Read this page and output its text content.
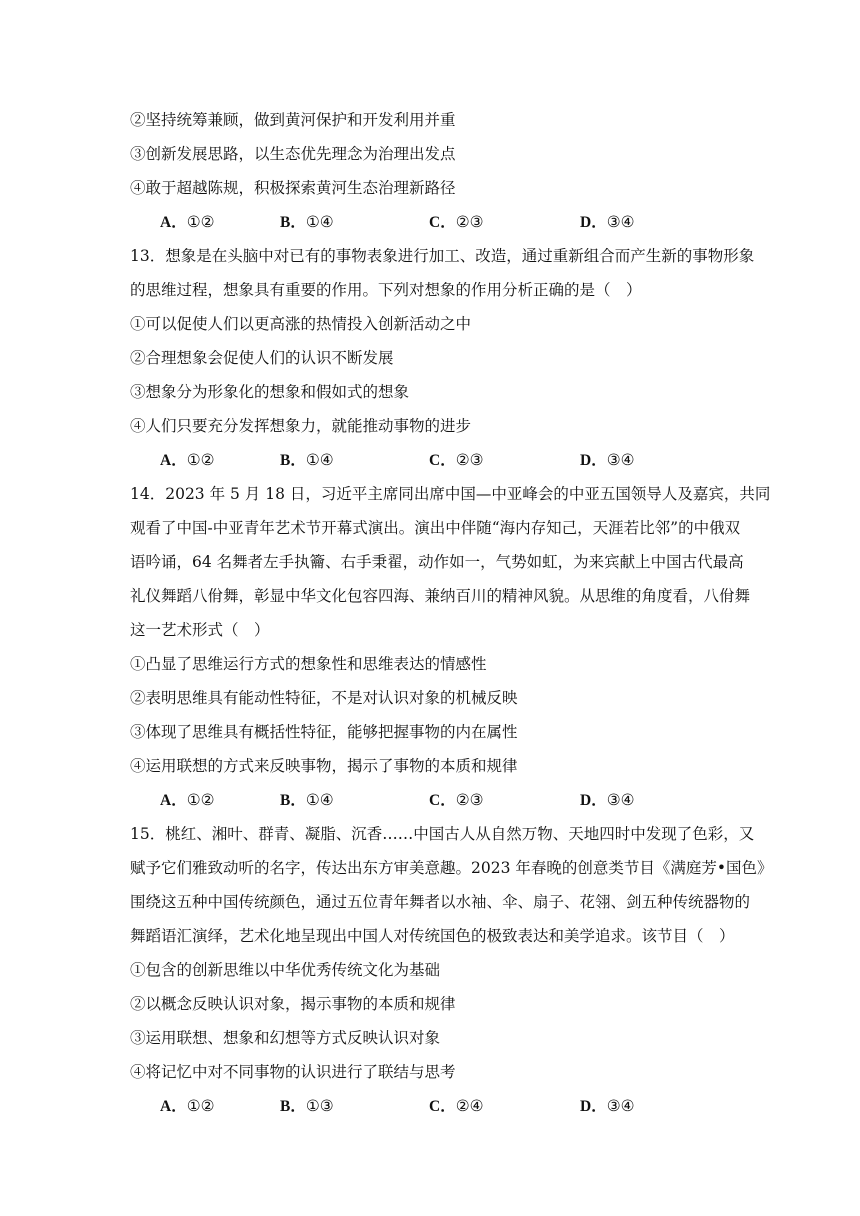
②坚持统筹兼顾，做到黄河保护和开发利用并重
③创新发展思路，以生态优先理念为治理出发点
④敢于超越陈规，积极探索黄河生态治理新路径
A．①②	B．①④	C．②③	D．③④
13．想象是在头脑中对已有的事物表象进行加工、改造，通过重新组合而产生新的事物形象
的思维过程，想象具有重要的作用。下列对想象的作用分析正确的是（　）
①可以促使人们以更高涨的热情投入创新活动之中
②合理想象会促使人们的认识不断发展
③想象分为形象化的想象和假如式的想象
④人们只要充分发挥想象力，就能推动事物的进步
A．①②	B．①④	C．②③	D．③④
14．2023 年 5 月 18 日，习近平主席同出席中国—中亚峰会的中亚五国领导人及嘉宾，共同
观看了中国-中亚青年艺术节开幕式演出。演出中伴随“海内存知己，天涯若比邻”的中俄双
语吟诵，64 名舞者左手执籥、右手秉翟，动作如一，气势如虹，为来宾献上中国古代最高
礼仪舞蹈八佾舞，彰显中华文化包容四海、兼纳百川的精神风貌。从思维的角度看，八佾舞
这一艺术形式（　）
①凸显了思维运行方式的想象性和思维表达的情感性
②表明思维具有能动性特征，不是对认识对象的机械反映
③体现了思维具有概括性特征，能够把握事物的内在属性
④运用联想的方式来反映事物，揭示了事物的本质和规律
A．①②	B．①④	C．②③	D．③④
15．桃红、湘叶、群青、凝脂、沉香……中国古人从自然万物、天地四时中发现了色彩，又
赋予它们雅致动听的名字，传达出东方审美意趣。2023 年春晚的创意类节目《满庭芳•国色》
围绕这五种中国传统颜色，通过五位青年舞者以水袖、伞、扇子、花翎、剑五种传统器物的
舞蹈语汇演绎，艺术化地呈现出中国人对传统国色的极致表达和美学追求。该节目（　）
①包含的创新思维以中华优秀传统文化为基础
②以概念反映认识对象，揭示事物的本质和规律
③运用联想、想象和幻想等方式反映认识对象
④将记忆中对不同事物的认识进行了联结与思考
A．①②	B．①③	C．②④	D．③④
